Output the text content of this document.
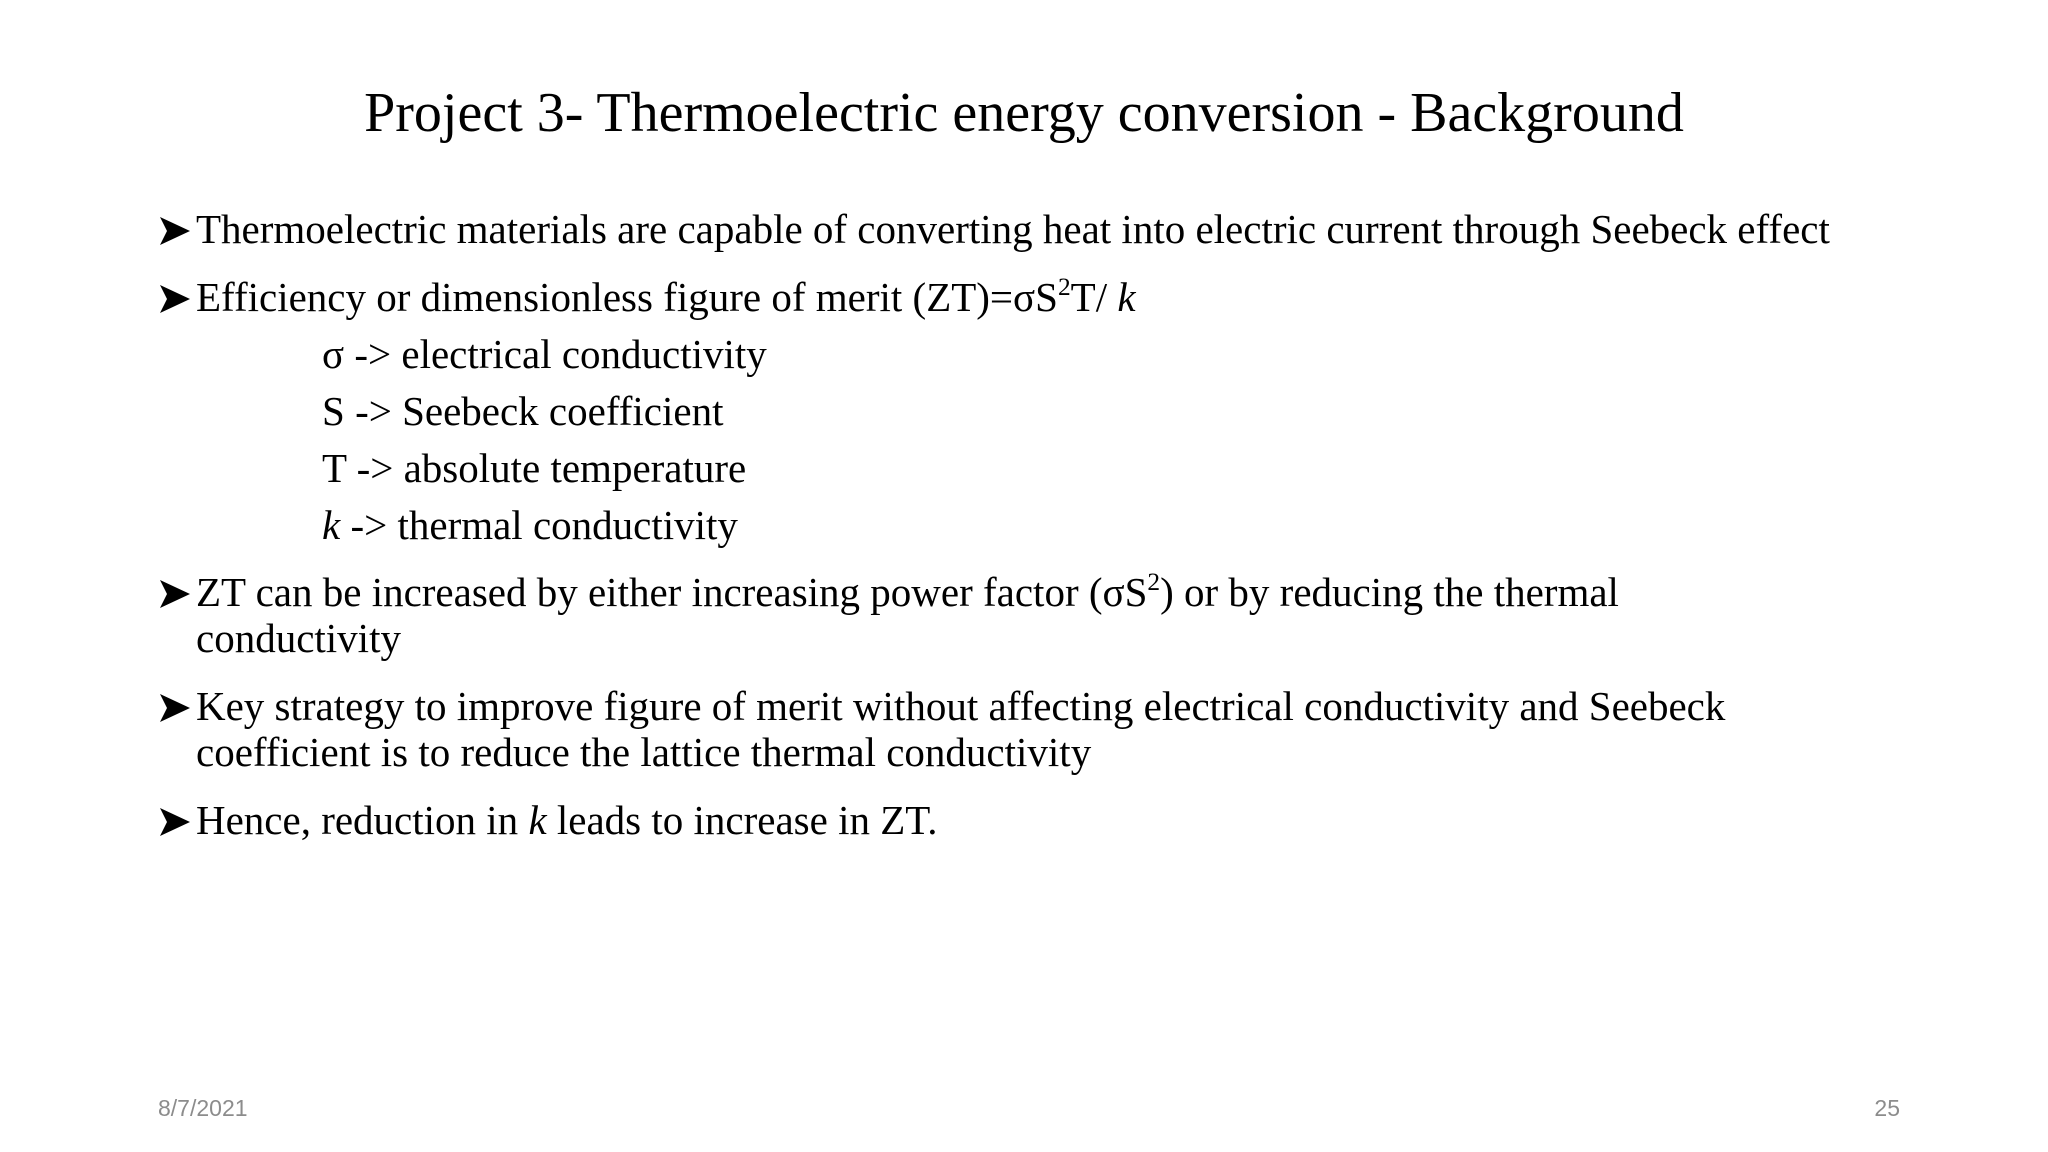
Project 3- Thermoelectric energy conversion - Background
Thermoelectric materials are capable of converting heat into electric current through Seebeck effect
Efficiency or dimensionless figure of merit $(ZT)=\sigma S^2T/$ k
σ -> electrical conductivity
S -> Seebeck coefficient
T -> absolute temperature
k -> thermal conductivity
ZT can be increased by either increasing power factor $(\sigma S^2)$ or by reducing the thermal
conductivity
Key strategy to improve figure of merit without affecting electrical conductivity and Seebeck
coefficient is to reduce the lattice thermal conductivity
Hence, reduction in k leads to increase in ZT.
8/7/2021	25
